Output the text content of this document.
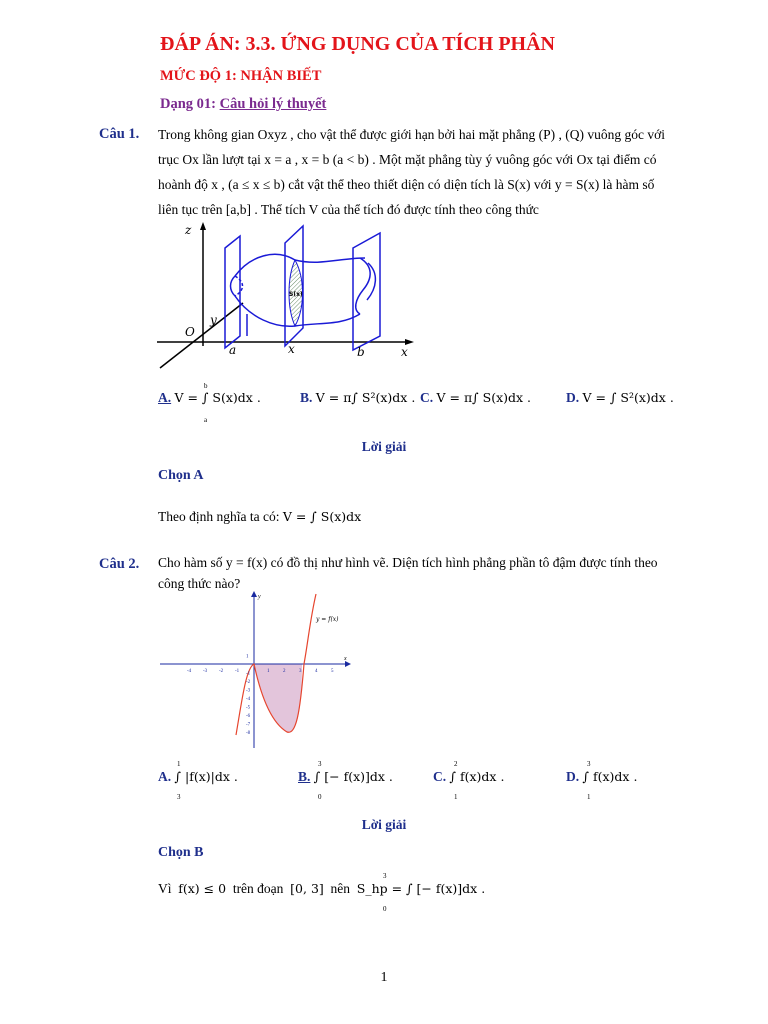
ĐÁP ÁN: 3.3. ỨNG DỤNG CỦA TÍCH PHÂN
MỨC ĐỘ 1: NHẬN BIẾT
Dạng 01: Câu hỏi lý thuyết
Câu 1. Trong không gian Oxyz , cho vật thể được giới hạn bởi hai mặt phẳng (P) , (Q) vuông góc với
trục Ox lần lượt tại x = a , x = b (a < b) . Một mặt phẳng tùy ý vuông góc với Ox tại điểm có
hoành độ x , (a ≤ x ≤ b) cắt vật thể theo thiết diện có diện tích là S(x) với y = S(x) là hàm số
liên tục trên [a,b] . Thể tích V của thể tích đó được tính theo công thức
S(x)
z
y
O
a	x	b	x
A. V = ∫ S(x)dx .	B. V = π∫ S²(x)dx . C. V = π∫ S(x)dx .	D. V = ∫ S²(x)dx .
b
a
Lời giải
Chọn A
Theo định nghĩa ta có: V = ∫ S(x)dx
Câu 2. Cho hàm số y = f(x) có đồ thị như hình vẽ. Diện tích hình phẳng phần tô đậm được tính theo
công thức nào?
y = f(x)
x
y
-4 -3 -2 -1	1	2	3	4	5
1
-1
-2
-3
-4
-5
-6
-7
-8
A. ∫ |f(x)|dx .	B. ∫ [− f(x)]dx .	C. ∫ f(x)dx .	D. ∫ f(x)dx .
1
3
3
0
2
1
3
1
Lời giải
Chọn B
Vì f(x) ≤ 0 trên đoạn [0, 3] nên S_hp = ∫ [− f(x)]dx .
3
0
1
